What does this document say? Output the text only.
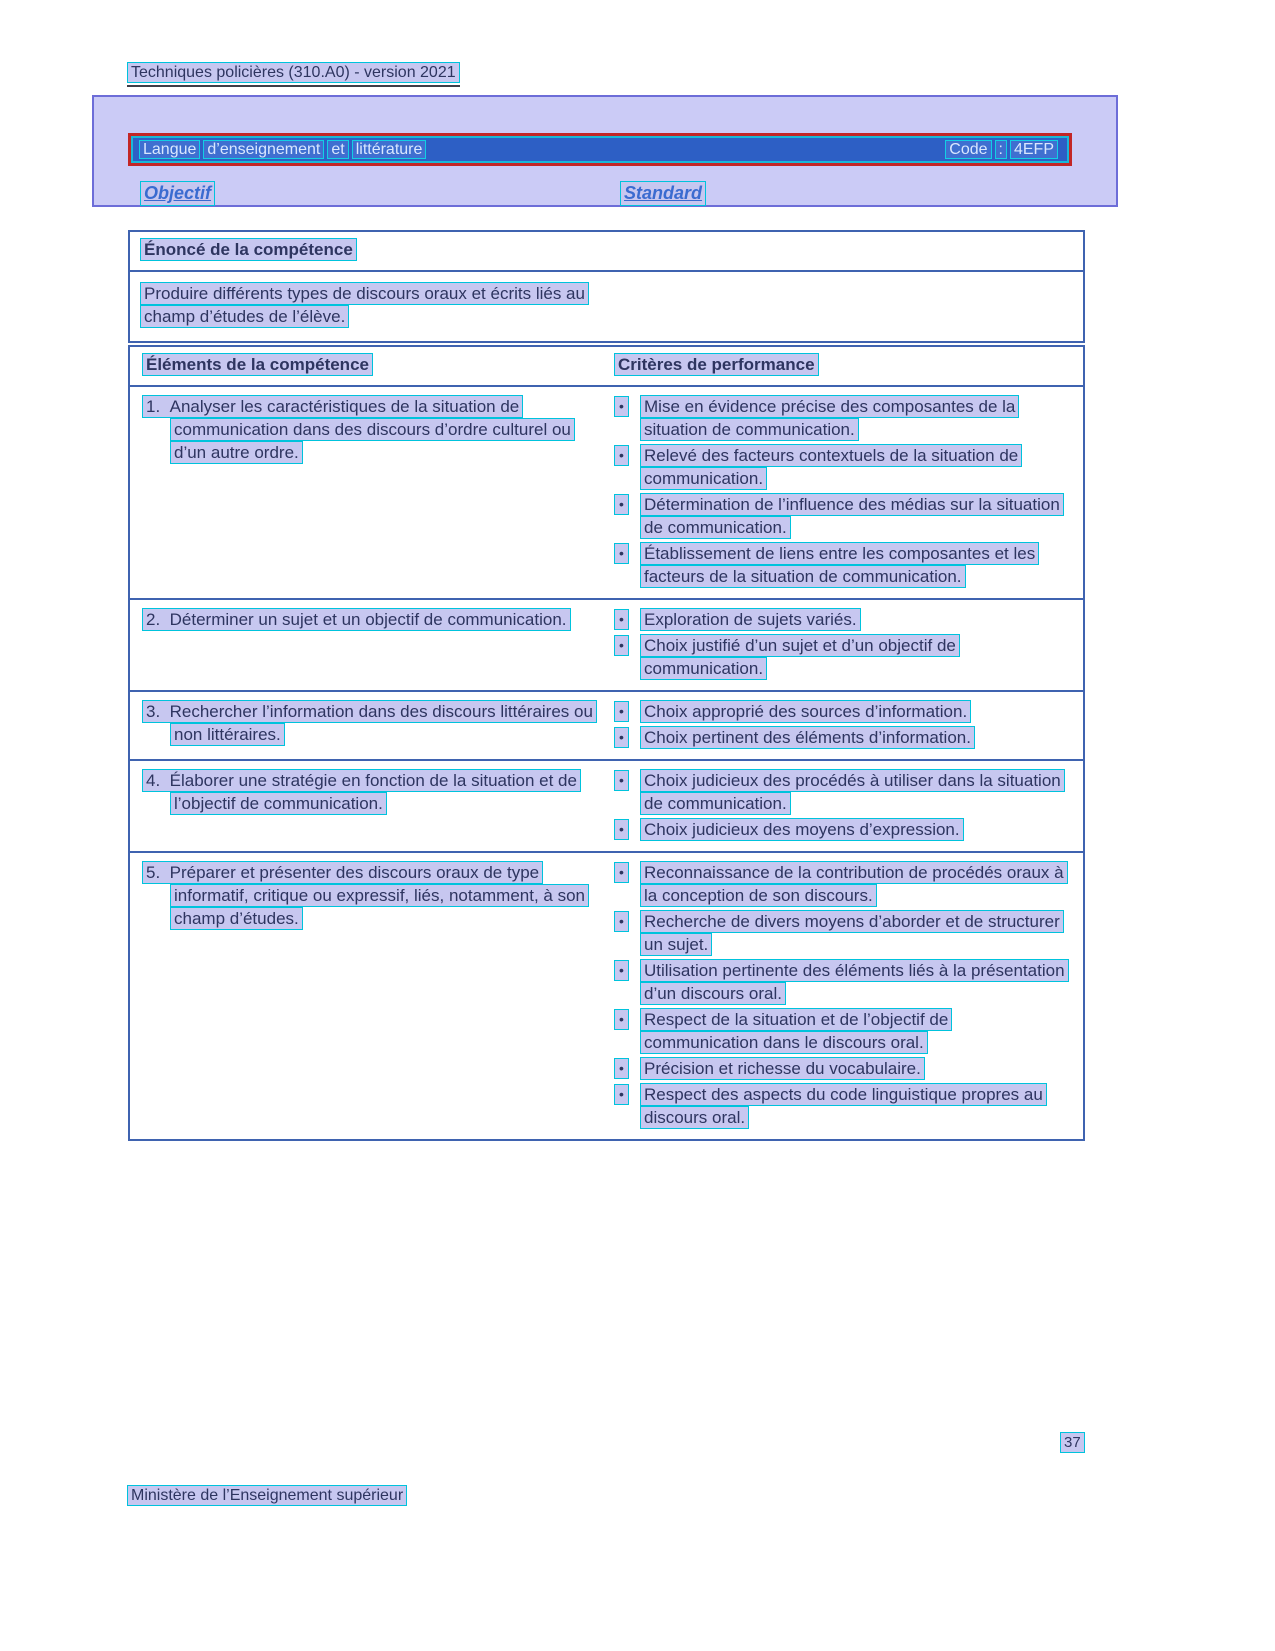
Techniques policières (310.A0) - version 2021
Langue d’enseignement et littérature	Code : 4EFP
Objectif	Standard
Énoncé de la compétence

Produire différents types de discours oraux et écrits liés au champ d’études de l’élève.

Éléments de la compétence	Critères de performance

1.  Analyser les caractéristiques de la situation de communication dans des discours d’ordre culturel ou d’un autre ordre.

• Mise en évidence précise des composantes de la situation de communication.
• Relevé des facteurs contextuels de la situation de communication.
• Détermination de l’influence des médias sur la situation de communication.
• Établissement de liens entre les composantes et les facteurs de la situation de communication.

2.  Déterminer un sujet et un objectif de communication.	• Exploration de sujets variés.
• Choix justifié d’un sujet et d’un objectif de communication.

3.  Rechercher l’information dans des discours littéraires ou non littéraires.

• Choix approprié des sources d’information.
• Choix pertinent des éléments d’information.

4.  Élaborer une stratégie en fonction de la situation et de l’objectif de communication.

• Choix judicieux des procédés à utiliser dans la situation de communication.
• Choix judicieux des moyens d’expression.

5.  Préparer et présenter des discours oraux de type informatif, critique ou expressif, liés, notamment, à son champ d’études.

• Reconnaissance de la contribution de procédés oraux à la conception de son discours.
• Recherche de divers moyens d’aborder et de structurer un sujet.
• Utilisation pertinente des éléments liés à la présentation d’un discours oral.
• Respect de la situation et de l’objectif de communication dans le discours oral.
• Précision et richesse du vocabulaire.
• Respect des aspects du code linguistique propres au discours oral.
37
Ministère de l’Enseignement supérieur
